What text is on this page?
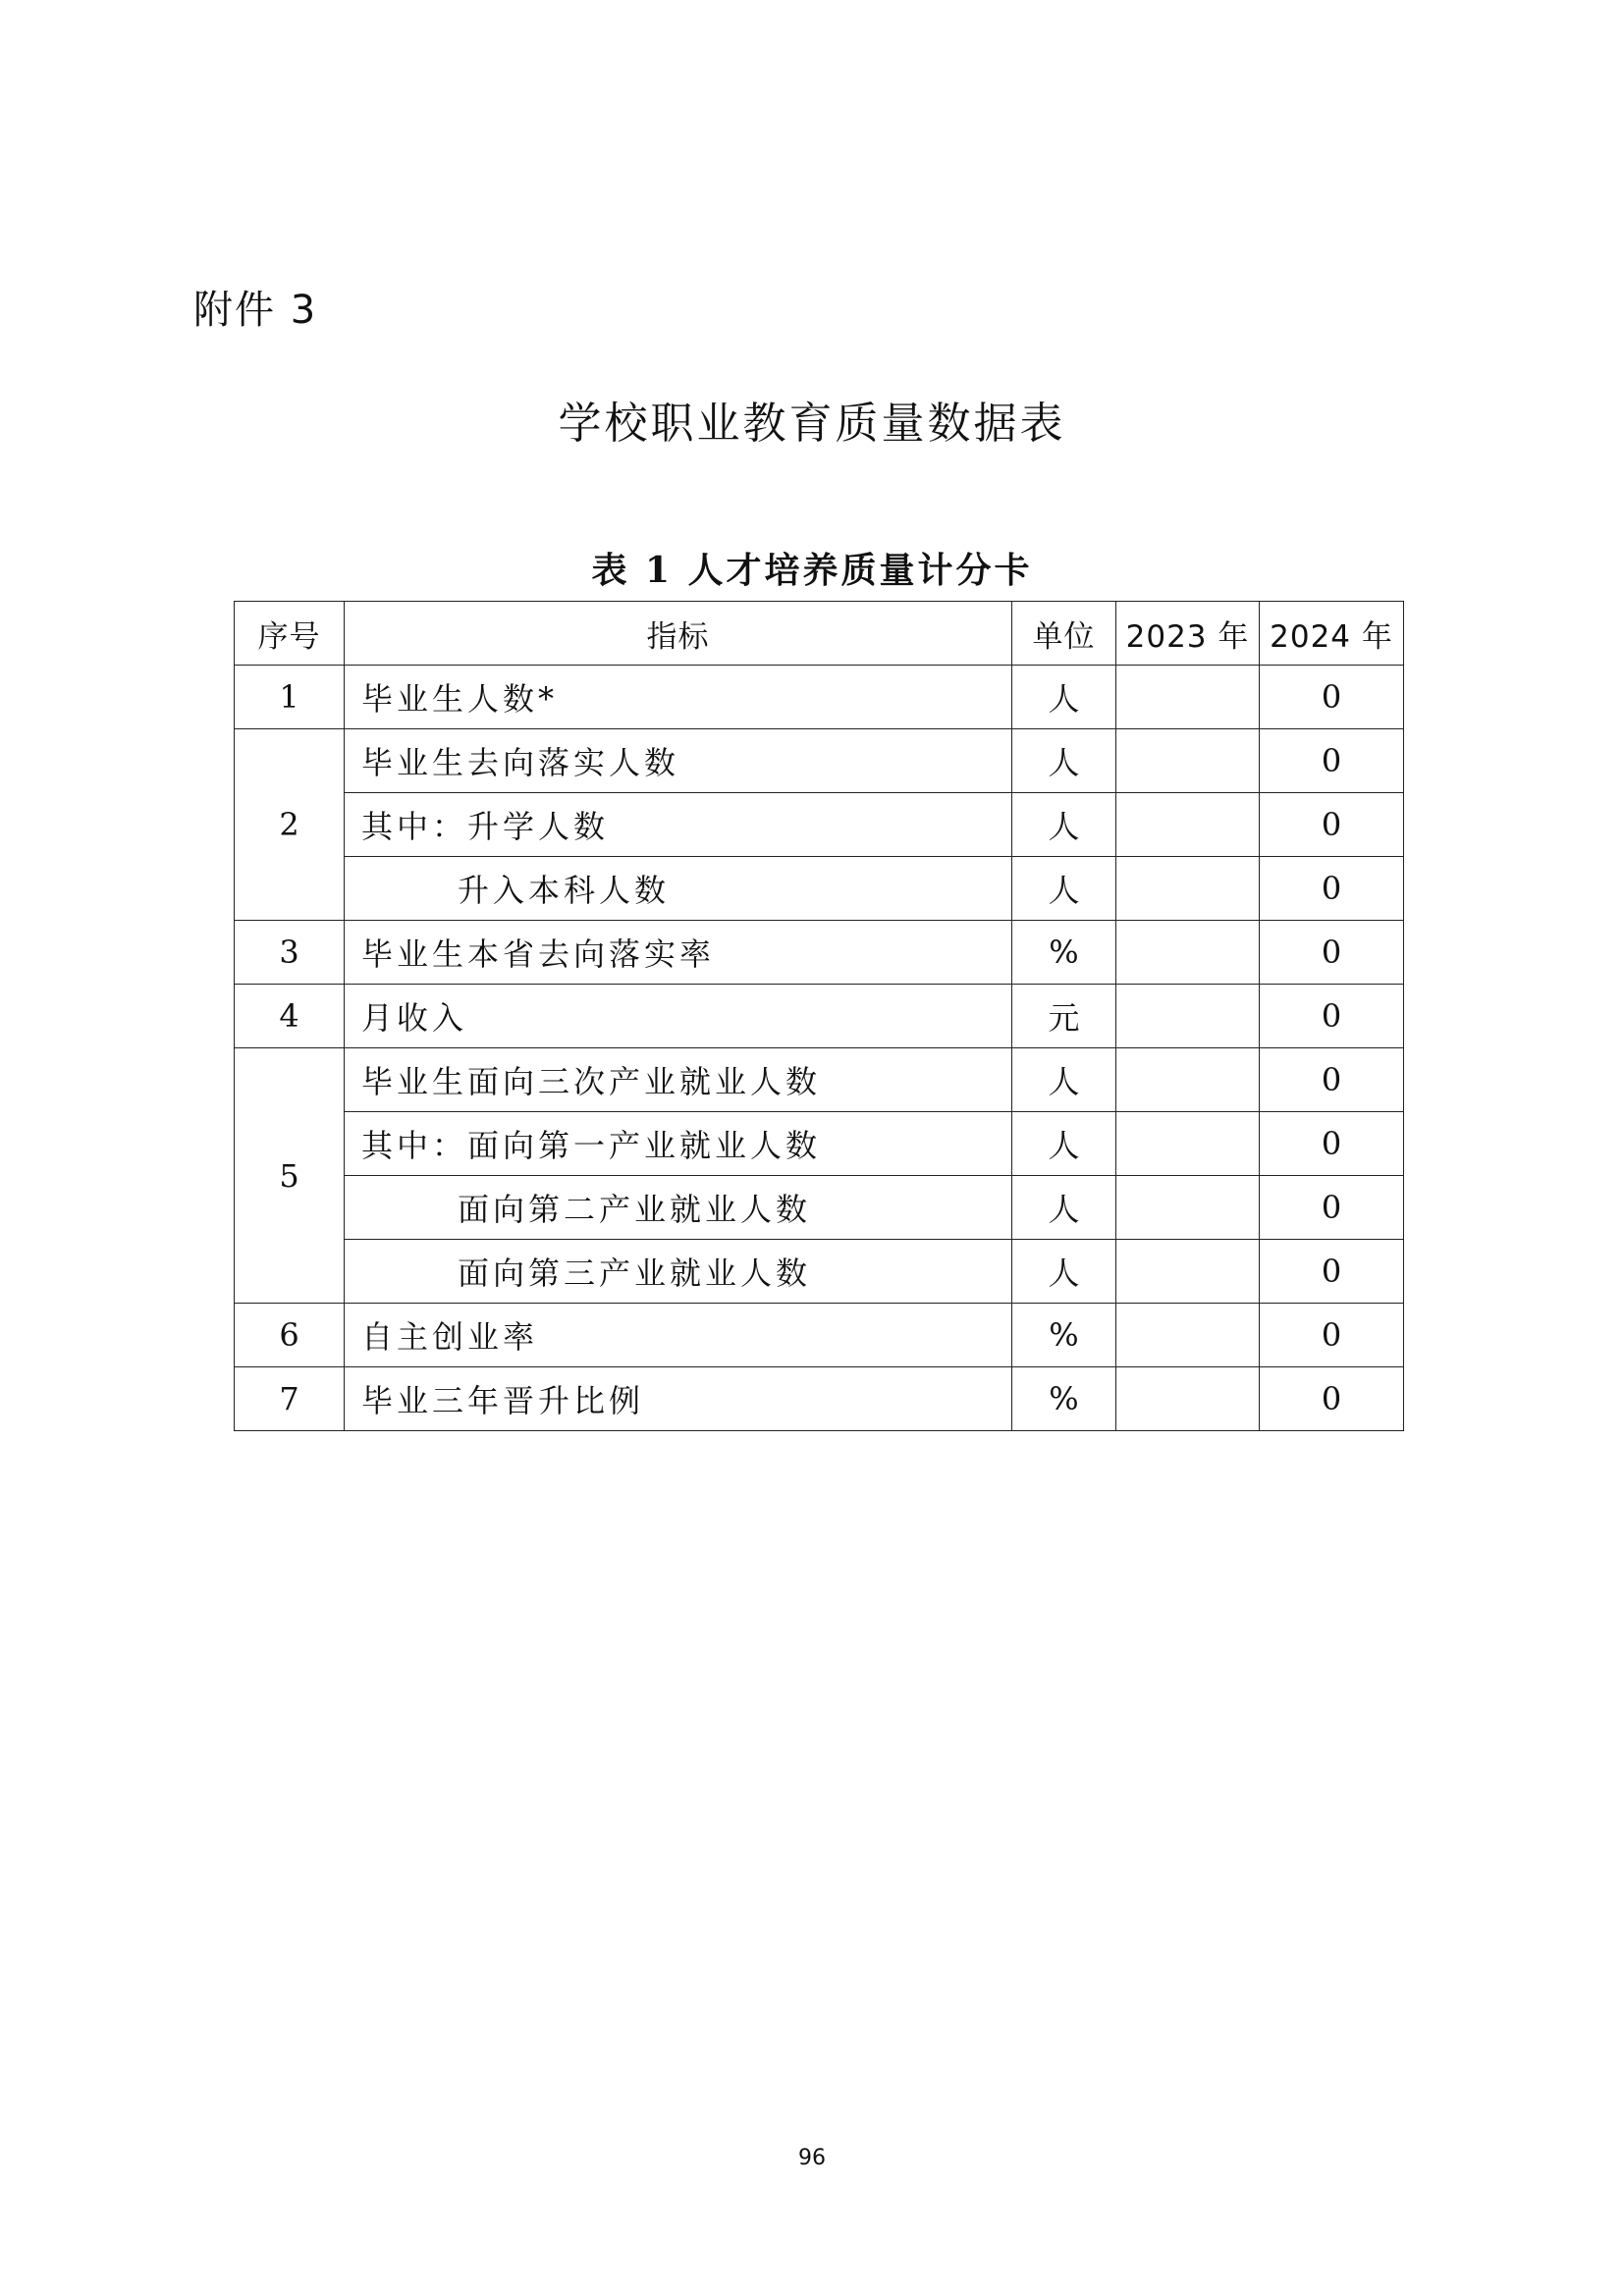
附件 3
学校职业教育质量数据表
表 1 人才培养质量计分卡
序号	指标	单位	2023 年	2024 年
1	毕业生人数*	人		0
2	毕业生去向落实人数	人		0
	其中：升学人数	人		0
	升入本科人数	人		0
3	毕业生本省去向落实率	%		0
4	月收入	元		0
5	毕业生面向三次产业就业人数	人		0
	其中：面向第一产业就业人数	人		0
	面向第二产业就业人数	人		0
	面向第三产业就业人数	人		0
6	自主创业率	%		0
7	毕业三年晋升比例	%		0
96
